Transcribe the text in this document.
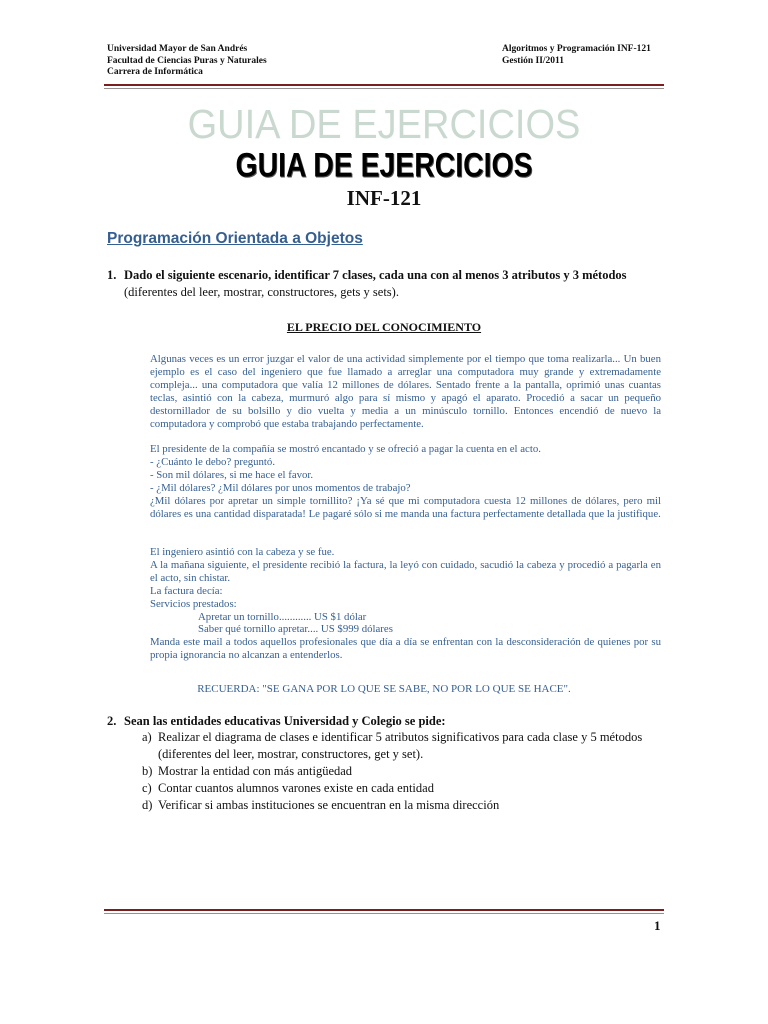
Universidad Mayor de San Andrés
Facultad de Ciencias Puras y Naturales
Carrera de Informática
Algoritmos y Programación INF-121
Gestión II/2011
GUIA DE EJERCICIOS
GUIA DE EJERCICIOS
INF-121
Programación Orientada a Objetos
1. Dado el siguiente escenario, identificar 7 clases, cada una con al menos 3 atributos y 3 métodos
(diferentes del leer, mostrar, constructores, gets y sets).
EL PRECIO DEL CONOCIMIENTO

Algunas veces es un error juzgar el valor de una actividad simplemente por el tiempo que toma realizarla... Un buen ejemplo es el caso del ingeniero que fue llamado a arreglar una computadora muy grande y extremadamente compleja... una computadora que valía 12 millones de dólares. Sentado frente a la pantalla, oprimió unas cuantas teclas, asintió con la cabeza, murmuró algo para sí mismo y apagó el aparato. Procedió a sacar un pequeño destornillador de su bolsillo y dio vuelta y media a un minúsculo tornillo. Entonces encendió de nuevo la computadora y comprobó que estaba trabajando perfectamente.

El presidente de la compañía se mostró encantado y se ofreció a pagar la cuenta en el acto.

- ¿Cuánto le debo? preguntó.

- Son mil dólares, si me hace el favor.

- ¿Mil dólares? ¿Mil dólares por unos momentos de trabajo?

¿Mil dólares por apretar un simple tornillito? ¡Ya sé que mi computadora cuesta 12 millones de dólares, pero mil dólares es una cantidad disparatada! Le pagaré sólo si me manda una factura perfectamente detallada que la justifique.

El ingeniero asintió con la cabeza y se fue.

A la mañana siguiente, el presidente recibió la factura, la leyó con cuidado, sacudió la cabeza y procedió a pagarla en el acto, sin chistar.

La factura decía:

Servicios prestados:

Apretar un tornillo............ US $1 dólar

Saber qué tornillo apretar.... US $999 dólares

Manda este mail a todos aquellos profesionales que día a día se enfrentan con la desconsideración de quienes por su propia ignorancia no alcanzan a entenderlos.

RECUERDA: "SE GANA POR LO QUE SE SABE, NO POR LO QUE SE HACE".
2. Sean las entidades educativas Universidad y Colegio se pide:
a) Realizar el diagrama de clases e identificar 5 atributos significativos para cada clase y 5 métodos (diferentes del leer, mostrar, constructores, get y set).
b) Mostrar la entidad con más antigüedad
c) Contar cuantos alumnos varones existe en cada entidad
d) Verificar si ambas instituciones se encuentran en la misma dirección
1
